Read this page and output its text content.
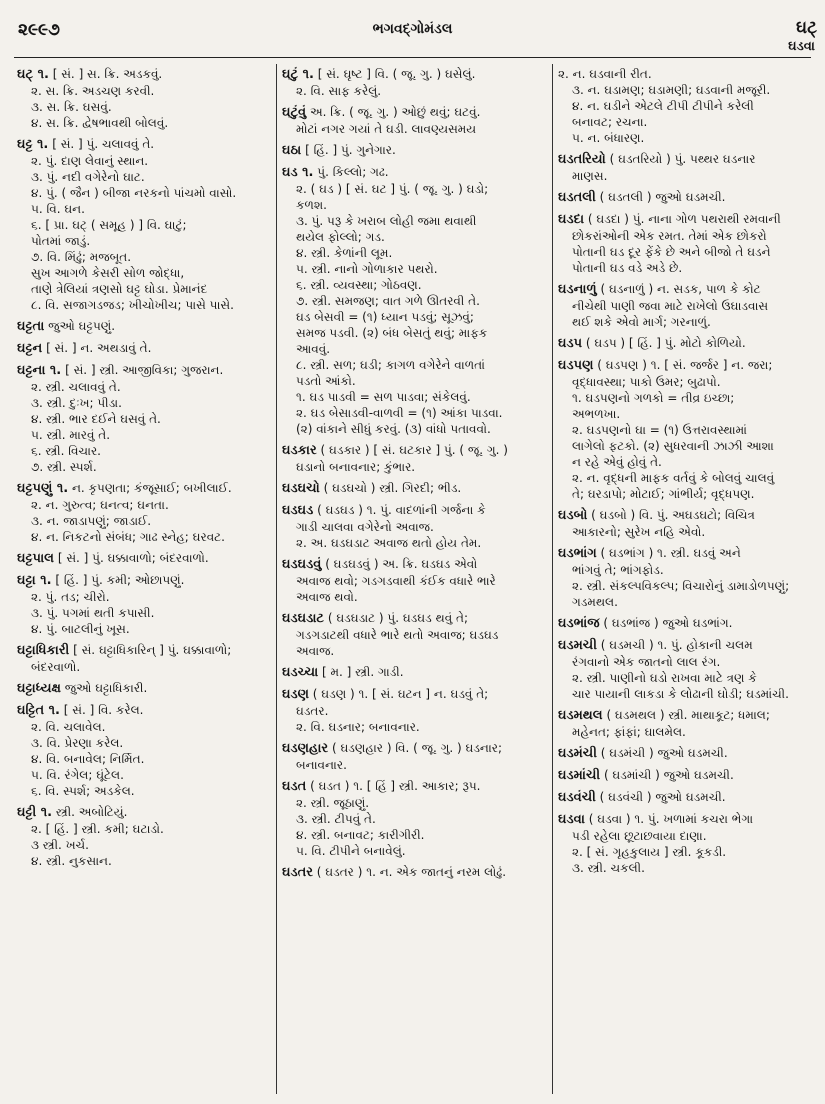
૨૯૯૭	ભગવદ્ગોમંડલ	ઘટ્
ઘડવા
ઘટ્ ૧. [ સં. ] સ. ક્રિ. અડકવું.
૨. સ. ક્રિ. અડચણ કરવી.
૩. સ. ક્રિ. ઘસવું.
૪. સ. ક્રિ. દ્વેષભાવથી બોલવું.
ઘટ્ટ ૧. [ સં. ] પું. ચલાવવું તે.
૨. પું. દાણ લેવાનું સ્થાન.
૩. પું. નદી વગેરેનો ઘાટ.
૪. પું. ( જૈન ) બીજા નરકનો પાંચમો વાસો.
૫. વિ. ઘન.
૬. [ પ્રા. ઘટ્ ( સમૂહ ) ] વિ. ઘાટું;
પોતમાં જાડું.
૭. વિ. મિંઢું; મજબૂત.
સુખ આગળે કેસરી સોળ જોદ્ધા,
તાણે ત્રેલિયાં ત્રણસો ઘટ્ટ ઘોડા. પ્રેમાનંદ
૮. વિ. સજાગડજડ; ખીચોખીચ; પાસે પાસે.
ઘટ્ટતા જુઓ ઘટ્ટપણું.
ઘટ્ટન [ સં. ] ન. અથડાવું તે.
ઘટ્ટના ૧. [ સં. ] સ્ત્રી. આજીવિકા; ગુજરાન.
૨. સ્ત્રી. ચલાવવું તે.
૩. સ્ત્રી. દુઃખ; પીડા.
૪. સ્ત્રી. ભાર દઈને ઘસવું તે.
૫. સ્ત્રી. મારવું તે.
૬. સ્ત્રી. વિચાર.
૭. સ્ત્રી. સ્પર્શ.
ઘટ્ટપણું ૧. ન. કૃપણતા; કંજૂસાઈ; બખીલાઈ.
૨. ન. ગુરુત્વ; ઘનત્વ; ઘનતા.
૩. ન. જાડાપણું; જાડાઈ.
૪. ન. નિકટનો સંબંધ; ગાઢ સ્નેહ; ઘરવટ.
ઘટ્ટપાલ [ સં. ] પું. ઘક્કાવાળો; બંદરવાળો.
ઘટ્ટા ૧. [ હિં. ] પું. કમી; ઓછાપણું.
૨. પું. તડ; ચીરો.
૩. પું. પગમાં થતી કપાસી.
૪. પું. બાટલીનું ખૂસ.
ઘટ્ટાધિકારી [ સં. ઘટ્ટાધિકારિન્ ] પું. ઘક્કાવાળો;
બંદરવાળો.
ઘટ્ટાધ્યક્ષ જુઓ ઘટ્ટાધિકારી.
ઘટ્ટિત ૧. [ સં. ] વિ. કરેલ.
૨. વિ. ચલાવેલ.
૩. વિ. પ્રેરણા કરેલ.
૪. વિ. બનાવેલ; નિર્મિત.
૫. વિ. રંગેલ; ઘૂંટેલ.
૬. વિ. સ્પર્શ; અડકેલ.
ઘટ્ટી ૧. સ્ત્રી. અબોટિયું.
૨. [ હિં. ] સ્ત્રી. કમી; ઘટાડો.
૩ સ્ત્રી. ખર્ચ.
૪. સ્ત્રી. નુકસાન.
ઘટું ૧. [ સં. ઘૃષ્ટ ] વિ. ( જૂ. ગુ. ) ઘસેલું.
૨. વિ. સાફ કરેલું.
ઘટુંવું અ. ક્રિ. ( જૂ. ગુ. ) ઓછું થવું; ઘટવું.
મોટાં નગર ગયાં તે ઘડી. લાવણ્યસમય
ઘઠા [ હિં. ] પું. ગુનેગાર.
ઘડ ૧. પું. કિલ્લો; ગઢ.
૨. ( ઘડ ) [ સં. ઘટ ] પું. ( જૂ. ગુ. ) ઘડો;
કળશ.
૩. પું. પરૂ કે ખરાબ લોહી જમા થવાથી
થયેલ ફોલ્લો; ગડ.
૪. સ્ત્રી. કેળાંની લૂમ.
૫. સ્ત્રી. નાનો ગોળાકાર પથરો.
૬. સ્ત્રી. વ્યવસ્થા; ગોઠવણ.
૭. સ્ત્રી. સમજણ; વાત ગળે ઊતરવી તે.
ઘડ બેસવી = (૧) ધ્યાન પડવું; સૂઝવું;
સમજ પડવી. (૨) બંધ બેસતું થવું; માફક
આવવું.
૮. સ્ત્રી. સળ; ઘડી; કાગળ વગેરેને વાળતાં
પડતો આંકો.
૧. ઘડ પાડવી = સળ પાડવા; સંકેલવું.
૨. ઘડ બેસાડવી-વાળવી = (૧) આંકા પાડવા.
(૨) વાંકાને સીધું કરવું. (૩) વાંધો પતાવવો.
ઘડકાર ( ઘડકાર ) [ સં. ઘટકાર ] પું. ( જૂ. ગુ. )
ઘડાનો બનાવનાર; કુંભાર.
ઘડઘચો ( ઘડઘચો ) સ્ત્રી. ગિરદી; ભીડ.
ઘડઘડ ( ઘડઘડ ) ૧. પું. વાદળાંની ગર્જના કે
ગાડી ચાલવા વગેરેનો અવાજ.
૨. અ. ઘડઘડાટ અવાજ થતો હોય તેમ.
ઘડઘડવું ( ઘડઘડવું ) અ. ક્રિ. ઘડઘડ એવો
અવાજ થવો; ગડગડવાથી કંઈક વધારે ભારે
અવાજ થવો.
ઘડઘડાટ ( ઘડઘડાટ ) પું. ઘડઘડ થવું તે;
ગડગડાટથી વધારે ભારે થતો અવાજ; ઘડઘડ
અવાજ.
ઘડચ્ચા [ મ. ] સ્ત્રી. ગાડી.
ઘડણ ( ઘડણ ) ૧. [ સં. ઘટન ] ન. ઘડવું તે;
ઘડતર.
૨. વિ. ઘડનાર; બનાવનાર.
ઘડણહાર ( ઘડણહાર ) વિ. ( જૂ. ગુ. ) ઘડનાર;
બનાવનાર.
ઘડત ( ઘડત ) ૧. [ હિં ] સ્ત્રી. આકાર; રૂપ.
૨. સ્ત્રી. જૂઠાણું.
૩. સ્ત્રી. ટીપવું તે.
૪. સ્ત્રી. બનાવટ; કારીગીરી.
૫. વિ. ટીપીને બનાવેલું.
ઘડતર ( ઘડતર ) ૧. ન. એક જાતનું નરમ લોઢું.
૨. ન. ઘડવાની રીત.
૩. ન. ઘડામણ; ઘડામણી; ઘડવાની મજૂરી.
૪. ન. ઘડીને એટલે ટીપી ટીપીને કરેલી
બનાવટ; રચના.
૫. ન. બંધારણ.
ઘડતરિયો ( ઘડતરિયો ) પું. પથ્થર ઘડનાર
માણસ.
ઘડતલી ( ઘડતલી ) જુઓ ઘડમચી.
ઘડદા ( ઘડદા ) પું. નાના ગોળ પથરાથી રમવાની
છોકરાંઓની એક રમત. તેમાં એક છોકરો
પોતાની ઘડ દૂર ફેંકે છે અને બીજો તે ઘડને
પોતાની ઘડ વડે અડે છે.
ઘડનાળું ( ઘડનાળું ) ન. સડક, પાળ કે કોટ
નીચેથી પાણી જવા માટે રાખેલો ઉઘાડવાસ
થઈ શકે એવો માર્ગ; ગરનાળું.
ઘડપ ( ઘડપ ) [ હિં. ] પું. મોટો કોળિયો.
ઘડપણ ( ઘડપણ ) ૧. [ સં. જર્જર ] ન. જરા;
વૃદ્ધાવસ્થા; પાકો ઉમર; બુઢાપો.
૧. ઘડપણનો ગળકો = તીવ્ર ઇચ્છા;
અભળખા.
૨. ઘડપણનો ઘા = (૧) ઉત્તરાવસ્થામાં
લાગેલો ફટકો. (૨) સુધરવાની ઝાઝી આશા
ન રહે એવું હોવું તે.
૨. ન. વૃદ્ધની માફક વર્તવું કે બોલવું ચાલવું
તે; ઘરડાપો; મોટાઈ; ગાંભીર્ય; વૃદ્ધપણ.
ઘડબો ( ઘડબો ) વિ. પું. અઘડઘટો; વિચિત્ર
આકારનો; સુરેખ નહિ એવો.
ઘડભાંગ ( ઘડભાંગ ) ૧. સ્ત્રી. ઘડવું અને
ભાંગવું તે; ભાંગફોડ.
૨. સ્ત્રી. સંકલ્પવિકલ્પ; વિચારોનું ડામાડોળપણું;
ગડમથલ.
ઘડભાંજ ( ઘડભાંજ ) જુઓ ઘડભાંગ.
ઘડમચી ( ઘડમચી ) ૧. પું. હોકાની ચલમ
રંગવાનો એક જાતનો લાલ રંગ.
૨. સ્ત્રી. પાણીનો ઘડો રાખવા માટે ત્રણ કે
ચાર પાયાની લાકડા કે લોઢાની ઘોડી; ઘડમાંચી.
ઘડમથલ ( ઘડમથલ ) સ્ત્રી. માથાકૂટ; ધમાલ;
મહેનત; ફાંફાં; ઘાલમેલ.
ઘડમંચી ( ઘડમંચી ) જુઓ ઘડમચી.
ઘડમાંચી ( ઘડમાંચી ) જુઓ ઘડમચી.
ઘડવંચી ( ઘડવંચી ) જુઓ ઘડમચી.
ઘડવા ( ઘડવા ) ૧. પું. ખળામાં કચરા ભેગા
પડી રહેલા છૂટાછવાયા દાણા.
૨. [ સં. ગૃહકુલાય ] સ્ત્રી. કૂકડી.
૩. સ્ત્રી. ચકલી.
